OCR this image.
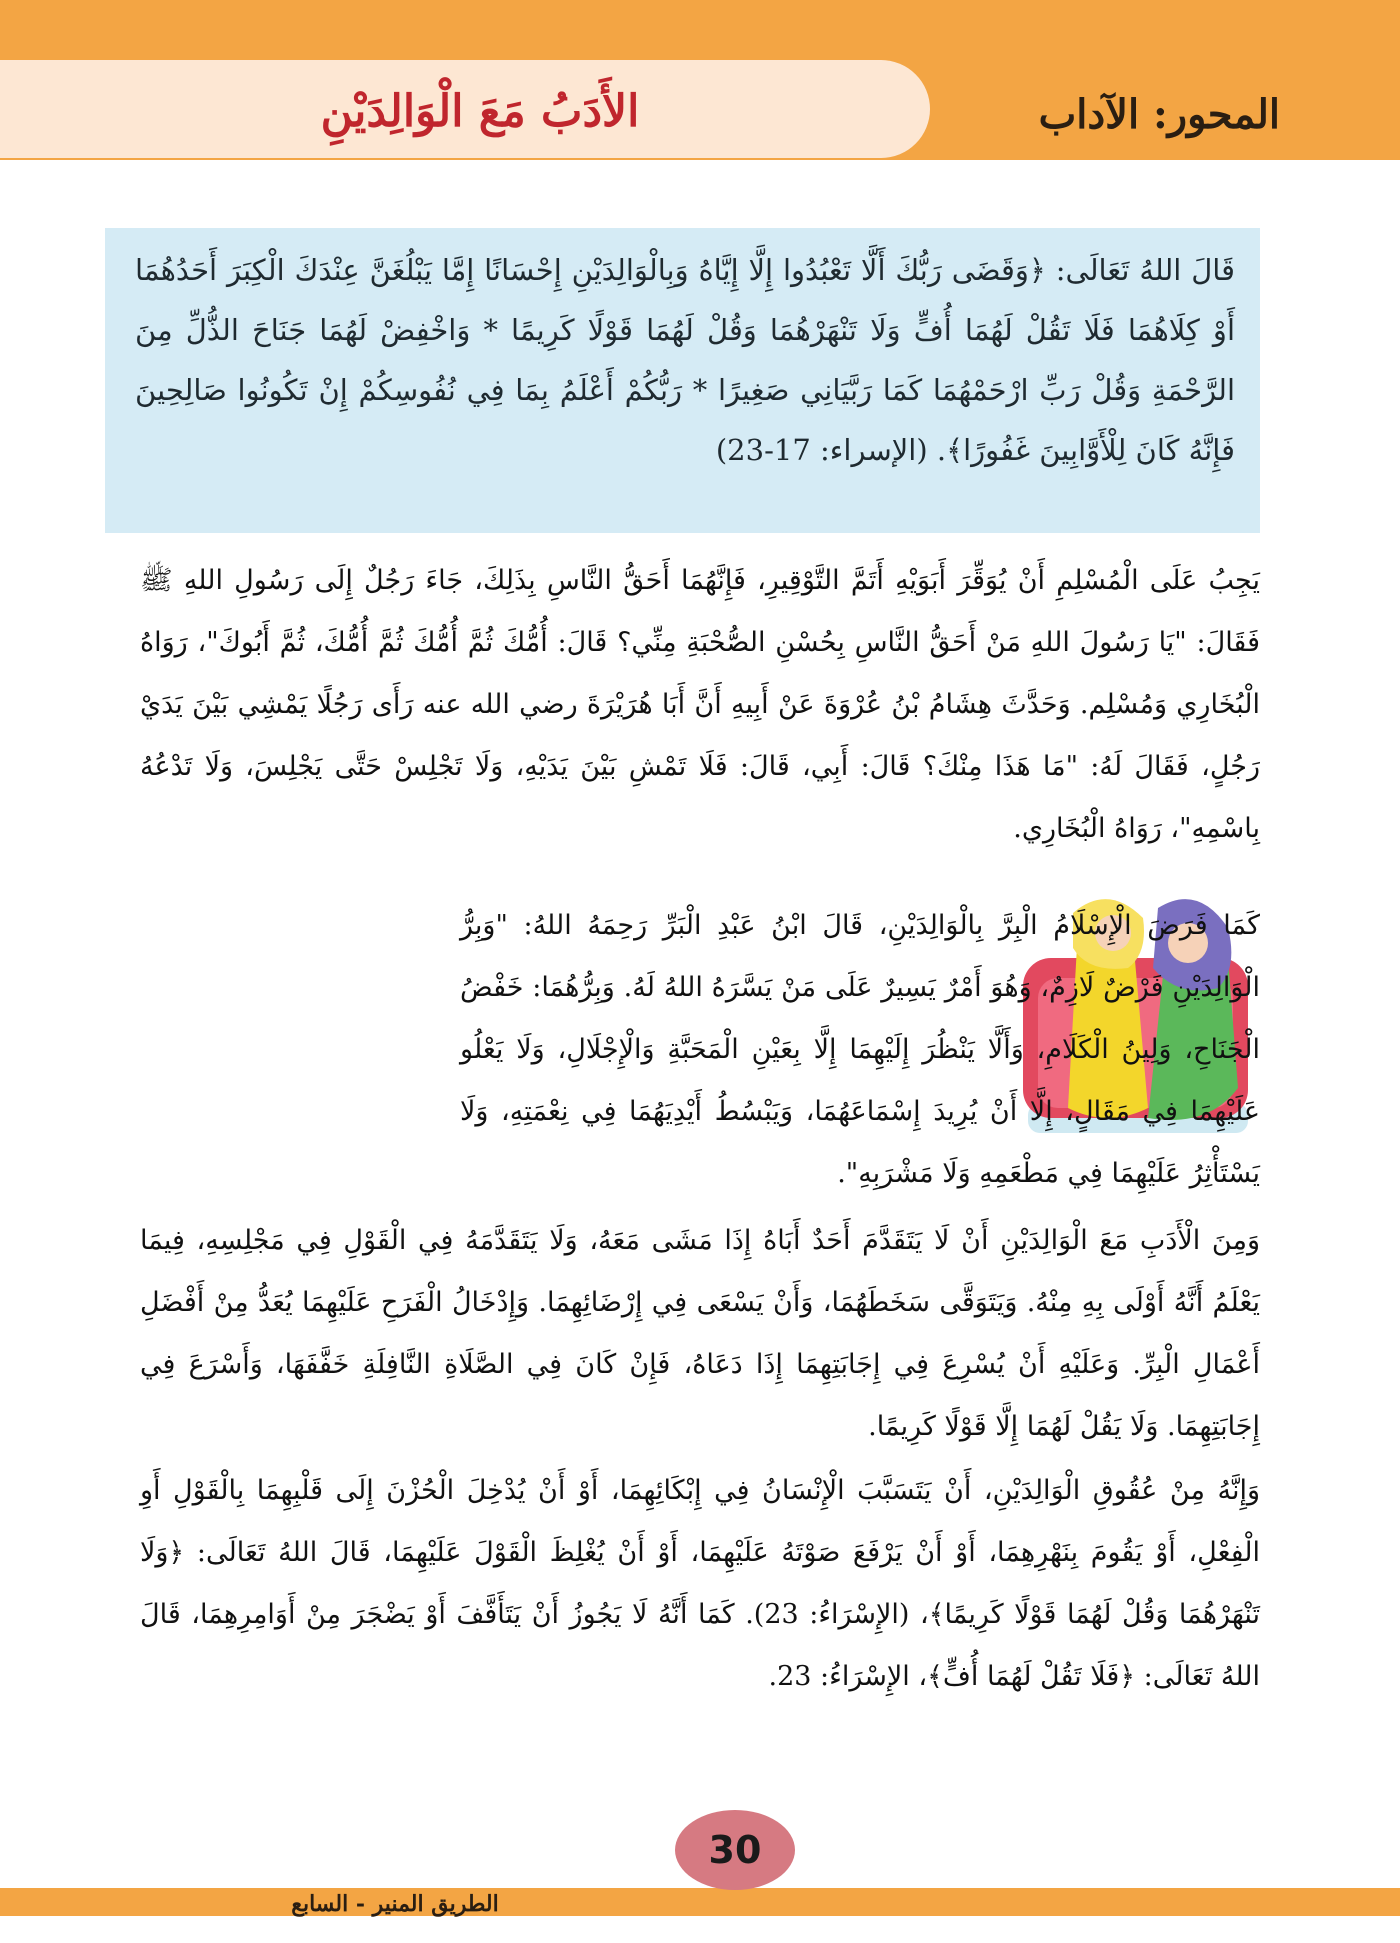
الأَدَبُ مَعَ الْوَالِدَيْنِ	المحور: الآداب
قَالَ اللهُ تَعَالَى: ﴿وَقَضَى رَبُّكَ أَلَّا تَعْبُدُوا إِلَّا إِيَّاهُ وَبِالْوَالِدَيْنِ إِحْسَانًا إِمَّا يَبْلُغَنَّ عِنْدَكَ الْكِبَرَ أَحَدُهُمَا أَوْ كِلَاهُمَا فَلَا تَقُلْ لَهُمَا أُفٍّ وَلَا تَنْهَرْهُمَا وَقُلْ لَهُمَا قَوْلًا كَرِيمًا * وَاخْفِضْ لَهُمَا جَنَاحَ الذُّلِّ مِنَ الرَّحْمَةِ وَقُلْ رَبِّ ارْحَمْهُمَا كَمَا رَبَّيَانِي صَغِيرًا * رَبُّكُمْ أَعْلَمُ بِمَا فِي نُفُوسِكُمْ إِنْ تَكُونُوا صَالِحِينَ فَإِنَّهُ كَانَ لِلْأَوَّابِينَ غَفُورًا﴾. (الإسراء: 17-23)
يَجِبُ عَلَى الْمُسْلِمِ أَنْ يُوَقِّرَ أَبَوَيْهِ أَتَمَّ التَّوْقِيرِ، فَإِنَّهُمَا أَحَقُّ النَّاسِ بِذَلِكَ، جَاءَ رَجُلٌ إِلَى رَسُولِ اللهِ ﷺ فَقَالَ: "يَا رَسُولَ اللهِ مَنْ أَحَقُّ النَّاسِ بِحُسْنِ الصُّحْبَةِ مِنِّي؟ قَالَ: أُمُّكَ ثُمَّ أُمُّكَ ثُمَّ أُمُّكَ، ثُمَّ أَبُوكَ"، رَوَاهُ الْبُخَارِي وَمُسْلِم. وَحَدَّثَ هِشَامُ بْنُ عُرْوَةَ عَنْ أَبِيهِ أَنَّ أَبَا هُرَيْرَةَ رضي الله عنه رَأَى رَجُلًا يَمْشِي بَيْنَ يَدَيْ رَجُلٍ، فَقَالَ لَهُ: "مَا هَذَا مِنْكَ؟ قَالَ: أَبِي، قَالَ: فَلَا تَمْشِ بَيْنَ يَدَيْهِ، وَلَا تَجْلِسْ حَتَّى يَجْلِسَ، وَلَا تَدْعُهُ بِاسْمِهِ"، رَوَاهُ الْبُخَارِي.
كَمَا فَرَضَ الْإِسْلَامُ الْبِرَّ بِالْوَالِدَيْنِ، قَالَ ابْنُ عَبْدِ الْبَرِّ رَحِمَهُ اللهُ: "وَبِرُّ الْوَالِدَيْنِ فَرْضٌ لَازِمٌ، وَهُوَ أَمْرٌ يَسِيرٌ عَلَى مَنْ يَسَّرَهُ اللهُ لَهُ. وَبِرُّهُمَا: خَفْضُ الْجَنَاحِ، وَلِينُ الْكَلَامِ، وَأَلَّا يَنْظُرَ إِلَيْهِمَا إِلَّا بِعَيْنِ الْمَحَبَّةِ وَالْإِجْلَالِ، وَلَا يَعْلُو عَلَيْهِمَا فِي مَقَالٍ، إِلَّا أَنْ يُرِيدَ إِسْمَاعَهُمَا، وَيَبْسُطُ أَيْدِيَهُمَا فِي نِعْمَتِهِ، وَلَا يَسْتَأْثِرُ عَلَيْهِمَا فِي مَطْعَمِهِ وَلَا مَشْرَبِهِ".
وَمِنَ الْأَدَبِ مَعَ الْوَالِدَيْنِ أَنْ لَا يَتَقَدَّمَ أَحَدٌ أَبَاهُ إِذَا مَشَى مَعَهُ، وَلَا يَتَقَدَّمَهُ فِي الْقَوْلِ فِي مَجْلِسِهِ، فِيمَا يَعْلَمُ أَنَّهُ أَوْلَى بِهِ مِنْهُ. وَيَتَوَقَّى سَخَطَهُمَا، وَأَنْ يَسْعَى فِي إِرْضَائِهِمَا. وَإِدْخَالُ الْفَرَحِ عَلَيْهِمَا يُعَدُّ مِنْ أَفْضَلِ أَعْمَالِ الْبِرِّ. وَعَلَيْهِ أَنْ يُسْرِعَ فِي إِجَابَتِهِمَا إِذَا دَعَاهُ، فَإِنْ كَانَ فِي الصَّلَاةِ النَّافِلَةِ خَفَّفَهَا، وَأَسْرَعَ فِي إِجَابَتِهِمَا. وَلَا يَقُلْ لَهُمَا إِلَّا قَوْلًا كَرِيمًا.
وَإِنَّهُ مِنْ عُقُوقِ الْوَالِدَيْنِ، أَنْ يَتَسَبَّبَ الْإِنْسَانُ فِي إِبْكَائِهِمَا، أَوْ أَنْ يُدْخِلَ الْحُزْنَ إِلَى قَلْبِهِمَا بِالْقَوْلِ أَوِ الْفِعْلِ، أَوْ يَقُومَ بِنَهْرِهِمَا، أَوْ أَنْ يَرْفَعَ صَوْتَهُ عَلَيْهِمَا، أَوْ أَنْ يُغْلِظَ الْقَوْلَ عَلَيْهِمَا، قَالَ اللهُ تَعَالَى: ﴿وَلَا تَنْهَرْهُمَا وَقُلْ لَهُمَا قَوْلًا كَرِيمًا﴾، (الإِسْرَاءُ: 23). كَمَا أَنَّهُ لَا يَجُوزُ أَنْ يَتَأَفَّفَ أَوْ يَضْجَرَ مِنْ أَوَامِرِهِمَا، قَالَ اللهُ تَعَالَى: ﴿فَلَا تَقُلْ لَهُمَا أُفٍّ﴾، الإِسْرَاءُ: 23.
30
الطريق المنير - السابع
